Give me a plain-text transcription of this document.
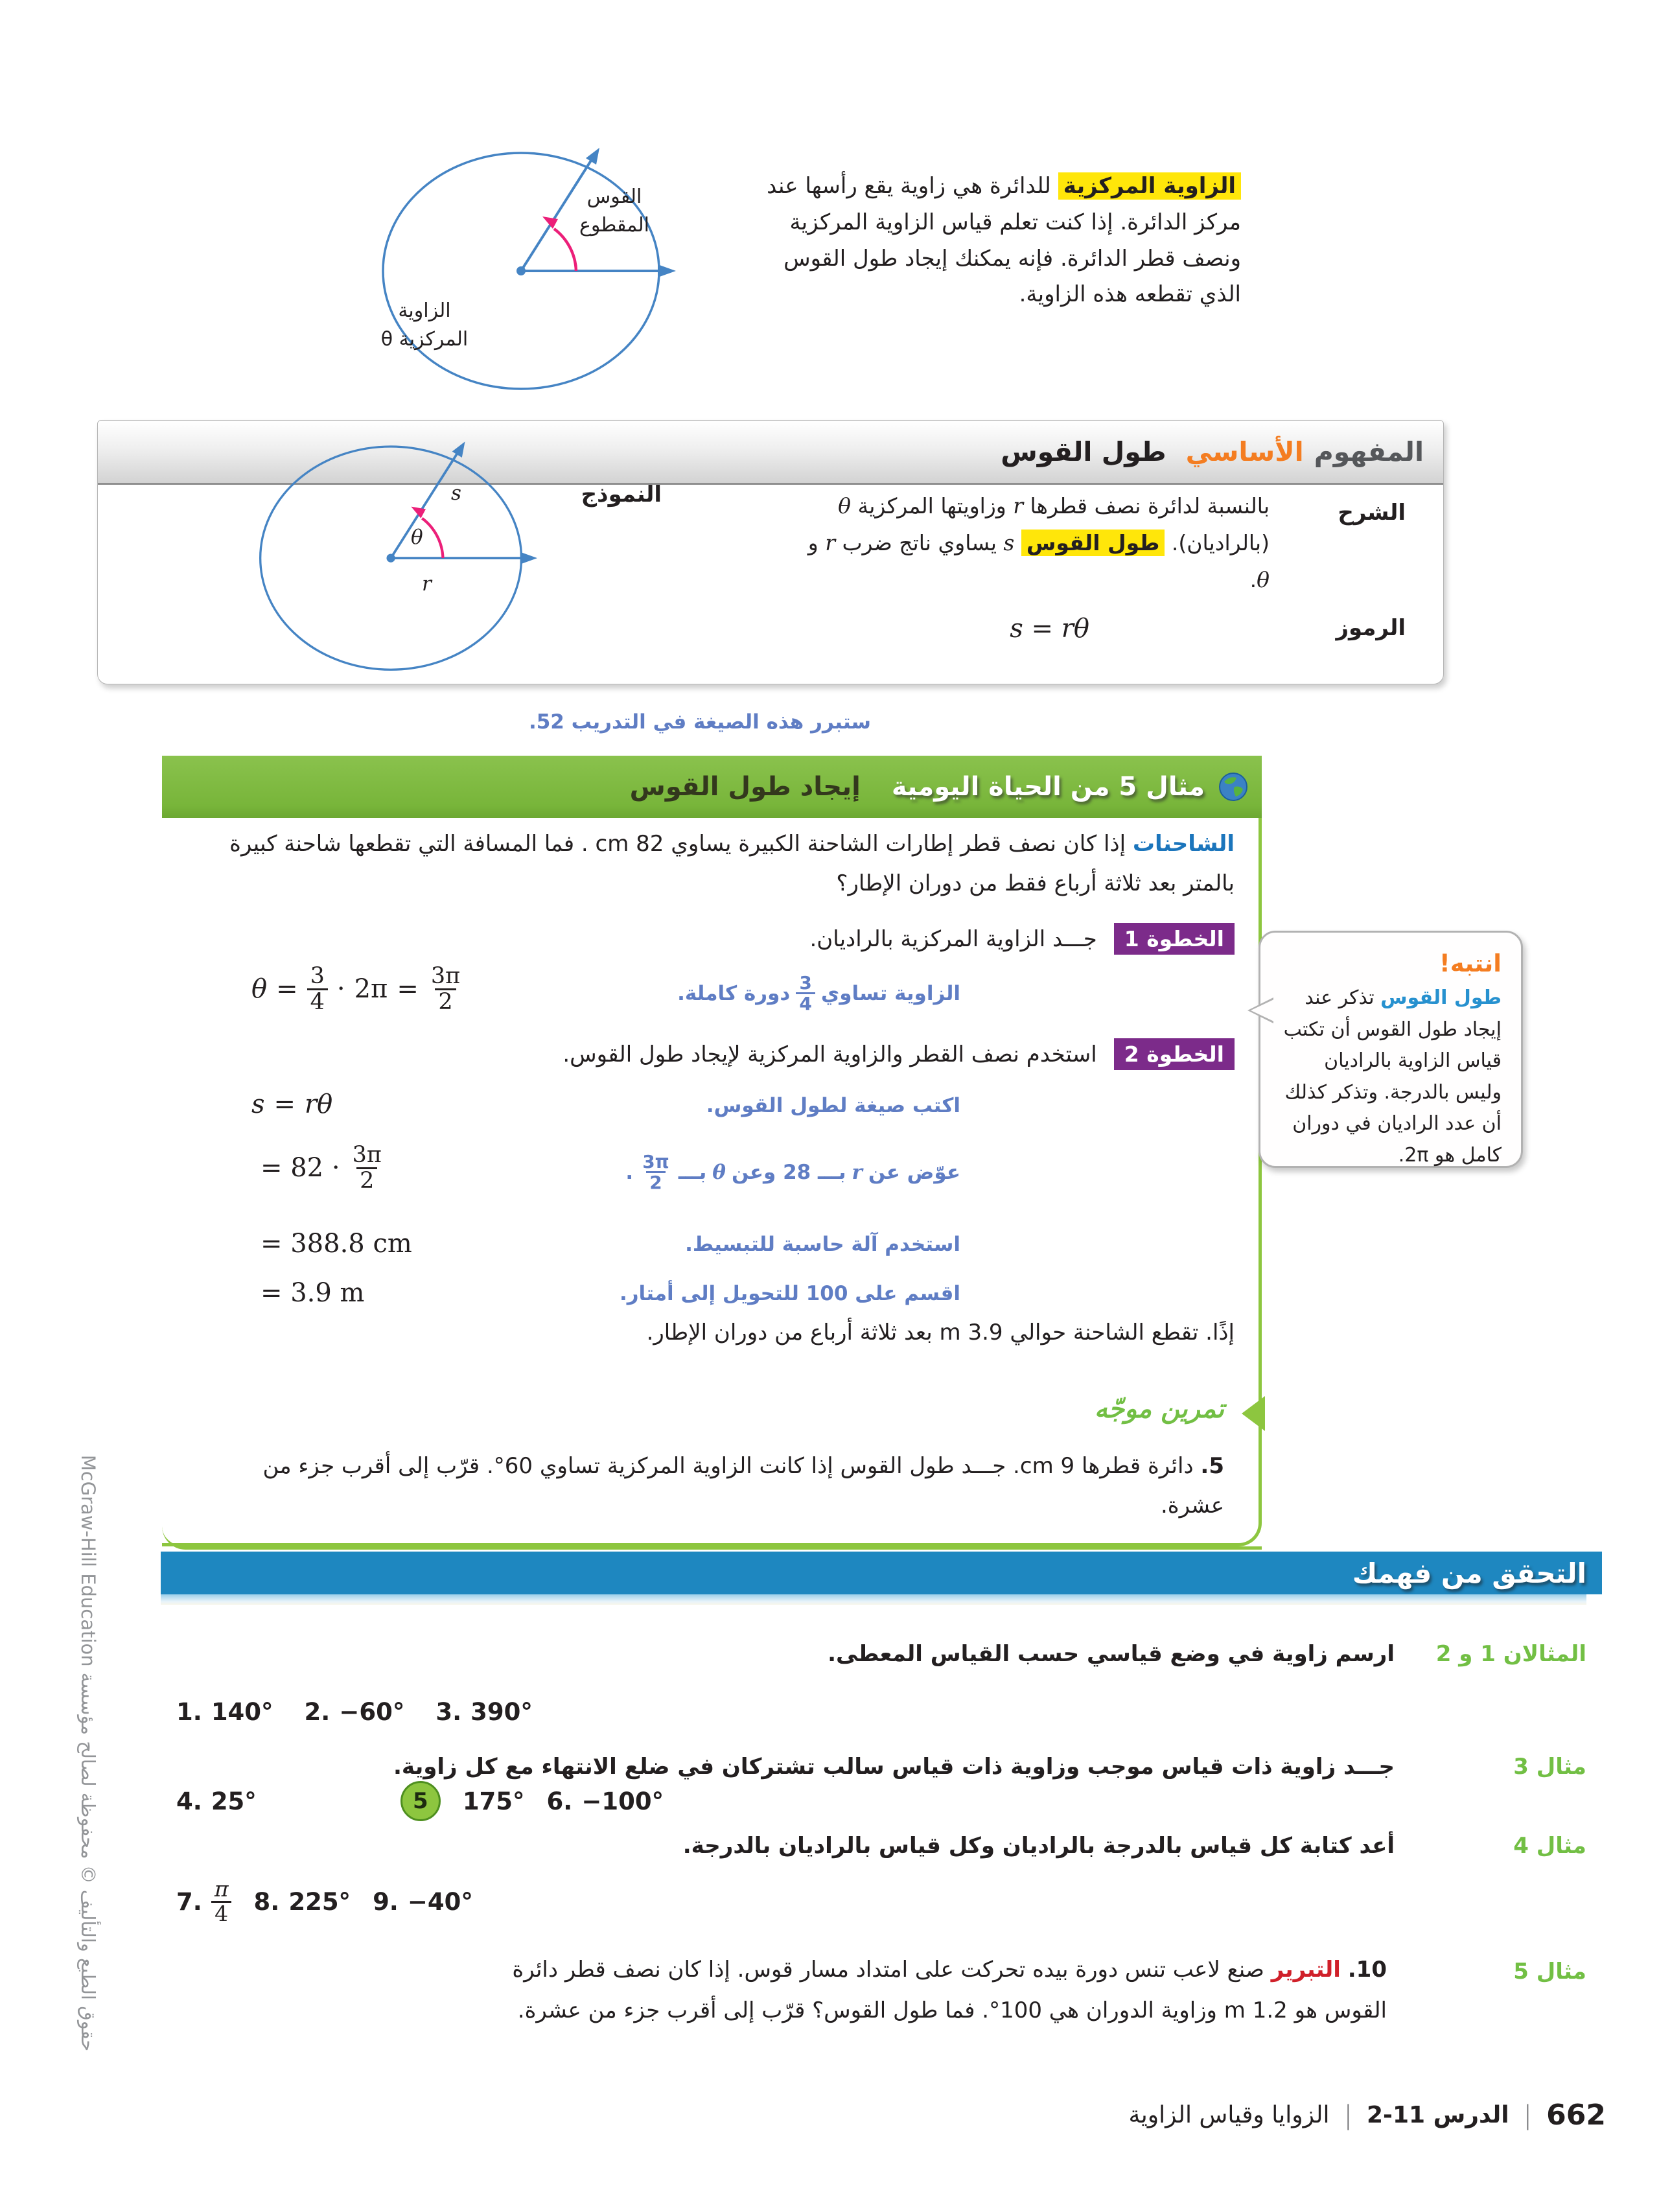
الزاوية المركزية للدائرة هي زاوية يقع رأسها عند مركز الدائرة. إذا كنت تعلم قياس الزاوية المركزية ونصف قطر الدائرة. فإنه يمكنك إيجاد طول القوس الذي تقطعه هذه الزاوية.

القوس
المقطوع
الزاوية
المركزية θ
المفهوم
الأساسي
طول القوس
الشرح

بالنسبة لدائرة نصف قطرها r وزاويتها المركزية θ (بالراديان). طول القوس s يساوي ناتج ضرب r و θ.

النموذج
s
θ
r
الرموز
s = rθ

ستبرر هذه الصيغة في التدريب 52.

مثال 5 من الحياة اليومية
إيجاد طول القوس

الشاحنات إذا كان نصف قطر إطارات الشاحنة الكبيرة يساوي 82 cm . فما المسافة التي تقطعها شاحنة كبيرة بالمتر بعد ثلاثة أرباع فقط من دوران الإطار؟

الخطوة 1
جـــد الزاوية المركزية بالراديان.
$\theta = \frac{3}{4} \cdot 2\pi = \frac{3\pi}{2}$	الزاوية تساوي
$\frac{3}{4}$
دورة كاملة.
الخطوة 2
استخدم نصف القطر والزاوية المركزية لإيجاد طول القوس.
s = rθ	اكتب صيغة لطول القوس.
= $82 \cdot \frac{3\pi}{2}$	عوّض عن
r
بـــ 28 وعن
θ
بـــ
$\frac{3\pi}{2}$
.
= 388.8 cm	استخدم آلة حاسبة للتبسيط.
= 3.9 m	اقسم على 100 للتحويل إلى أمتار.

إذًا. تقطع الشاحنة حوالي 3.9 m بعد ثلاثة أرباع من دوران الإطار.

تمرين موجّه

5. دائرة قطرها 9 cm. جـــد طول القوس إذا كانت الزاوية المركزية تساوي 60°. قرّب إلى أقرب جزء من عشرة.

انتبه!

طول القوس تذكر عند إيجاد طول القوس أن تكتب قياس الزاوية بالراديان وليس بالدرجة. وتذكر كذلك أن عدد الراديان في دوران كامل هو 2π.

التحقق من فهمك
المثالان 1 و 2
ارسم زاوية في وضع قياسي حسب القياس المعطى.
1. 140° 2. −60° 3. 390°
مثال 3
جـــد زاوية ذات قياس موجب وزاوية ذات قياس سالب تشتركان في ضلع الانتهاء مع كل زاوية.
4. 25°	5	175° 6. −100°
مثال 4
أعد كتابة كل قياس بالدرجة بالراديان وكل قياس بالراديان بالدرجة.
7. $\frac{\pi}{4} 8$. 225° 9. −40°
مثال 5

10. التبرير صنع لاعب تنس دورة بيده تحركت على امتداد مسار قوس. إذا كان نصف قطر دائرة القوس هو 1.2 m وزاوية الدوران هي 100°. فما طول القوس؟ قرّب إلى أقرب جزء من عشرة.

662
|
الدرس 11-2
|
الزوايا وقياس الزاوية
حقوق الطبع والتأليف © محفوظة لصالح مؤسسة McGraw-Hill Education
